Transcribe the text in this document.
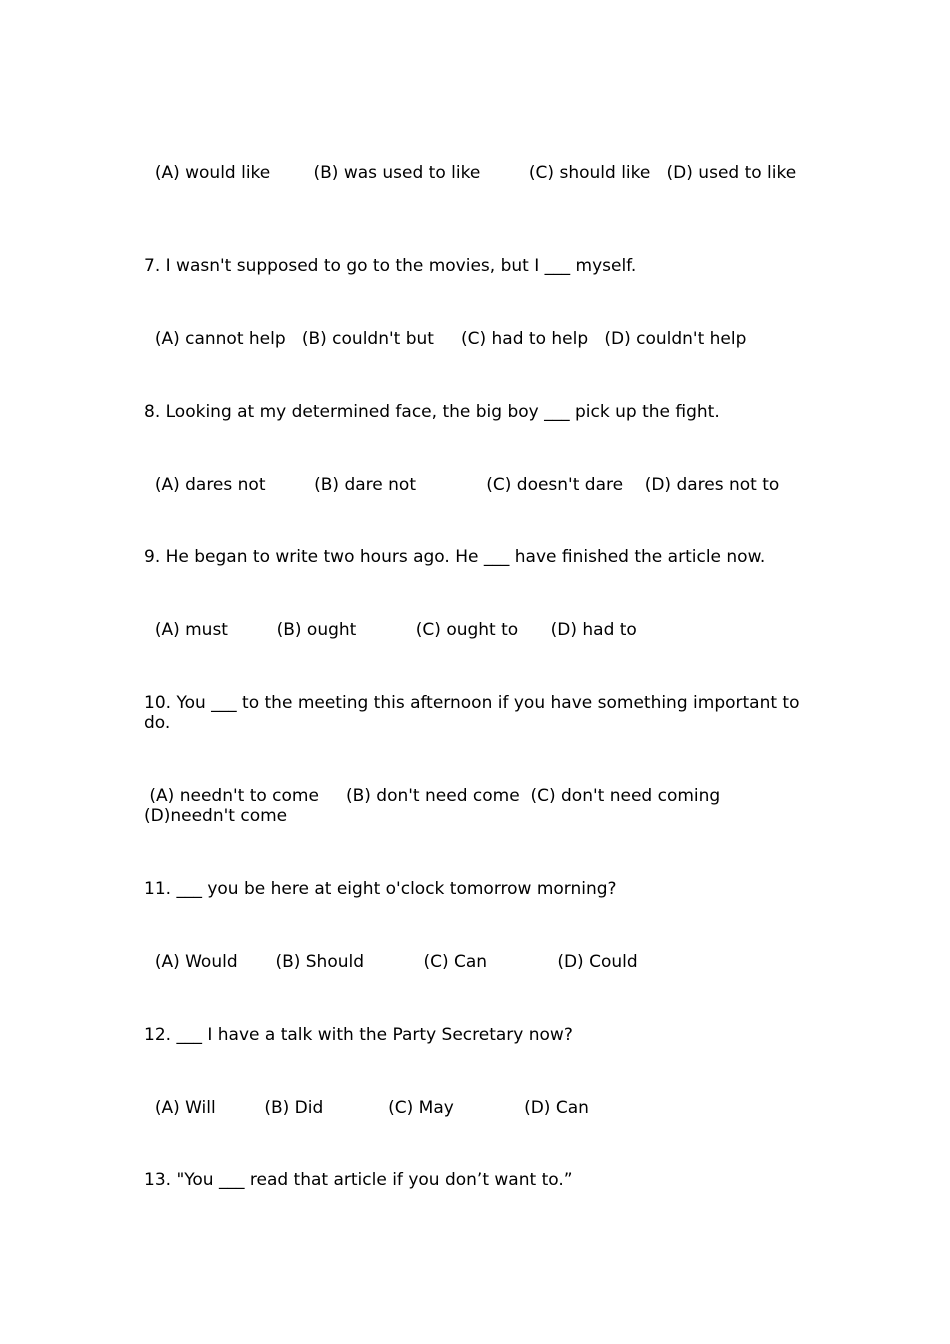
(A) would like        (B) was used to like         (C) should like   (D) used to like

7. I wasn't supposed to go to the movies, but I ___ myself.

(A) cannot help   (B) couldn't but     (C) had to help   (D) couldn't help

8. Looking at my determined face, the big boy ___ pick up the fight.

(A) dares not         (B) dare not             (C) doesn't dare    (D) dares not to

9. He began to write two hours ago. He ___ have finished the article now.

(A) must         (B) ought           (C) ought to      (D) had to

10. You ___ to the meeting this afternoon if you have something important to do.

(A) needn't to come     (B) don't need come  (C) don't need coming (D)needn't come

11. ___ you be here at eight o'clock tomorrow morning?

(A) Would       (B) Should           (C) Can             (D) Could

12. ___ I have a talk with the Party Secretary now?

(A) Will         (B) Did            (C) May             (D) Can

13. "You ___ read that article if you don’t want to.”
